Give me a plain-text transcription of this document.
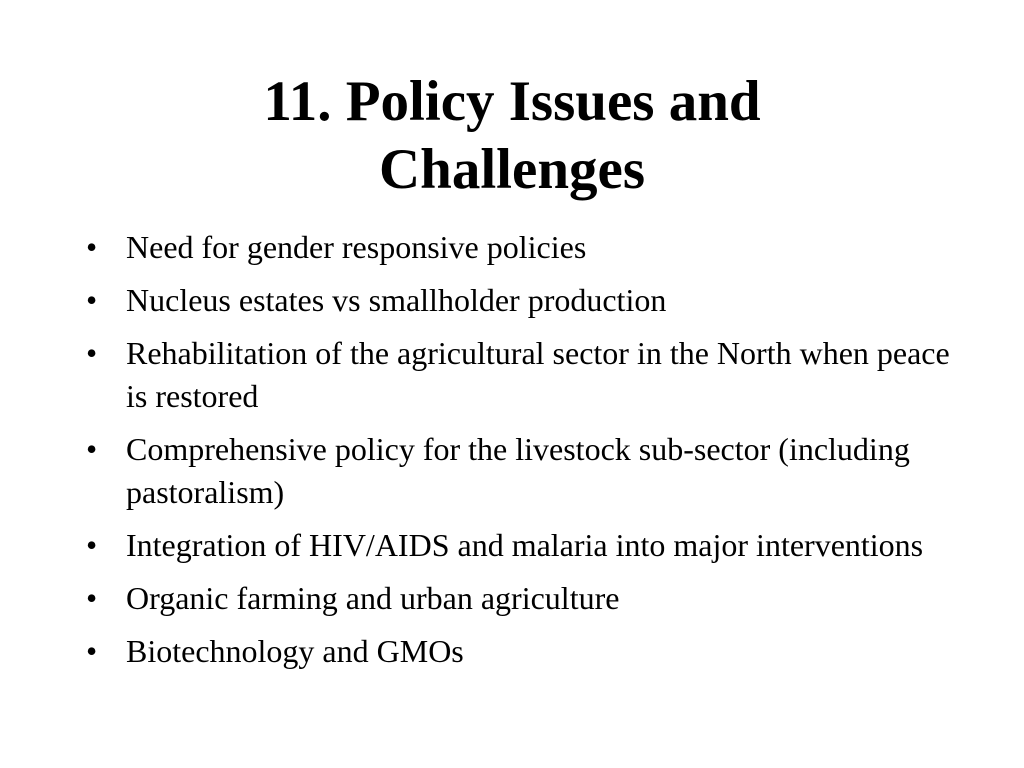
11. Policy Issues and
Challenges
• Need for gender responsive policies
• Nucleus estates vs smallholder production
• Rehabilitation of the agricultural sector in the North when peace is restored
• Comprehensive policy for the livestock sub-sector (including pastoralism)
• Integration of HIV/AIDS and malaria into major interventions
• Organic farming and urban agriculture
• Biotechnology and GMOs
